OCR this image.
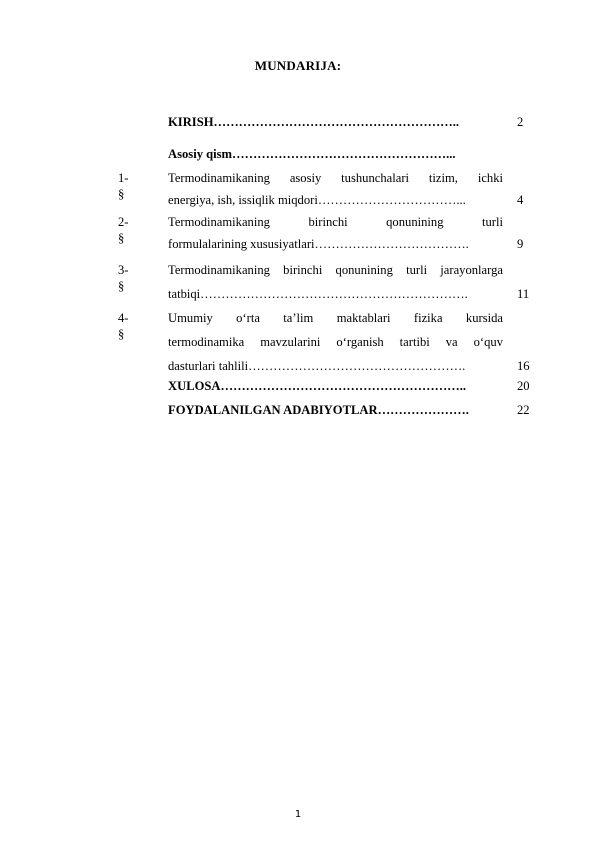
MUNDARIJA:
KIRISH…………………………………………………..	2
Asosiy qism……………………………………………...
1-§
Termodinamikaning asosiy tushunchalari tizim, ichki
energiya, ish, issiqlik miqdori……………………………...	4
2-§
Termodinamikaning birinchi qonunining turli
formulalarining xususiyatlari……………………………….	9
3-§
Termodinamikaning birinchi qonunining turli jarayonlarga
tatbiqi……………………………………………………….	11
4-§
Umumiy o‘rta ta’lim maktablari fizika kursida
termodinamika mavzularini o‘rganish tartibi va o‘quv
dasturlari tahlili…………………………………………….	16
XULOSA…………………………………………………..	20
FOYDALANILGAN ADABIYOTLAR………………….	22
1
